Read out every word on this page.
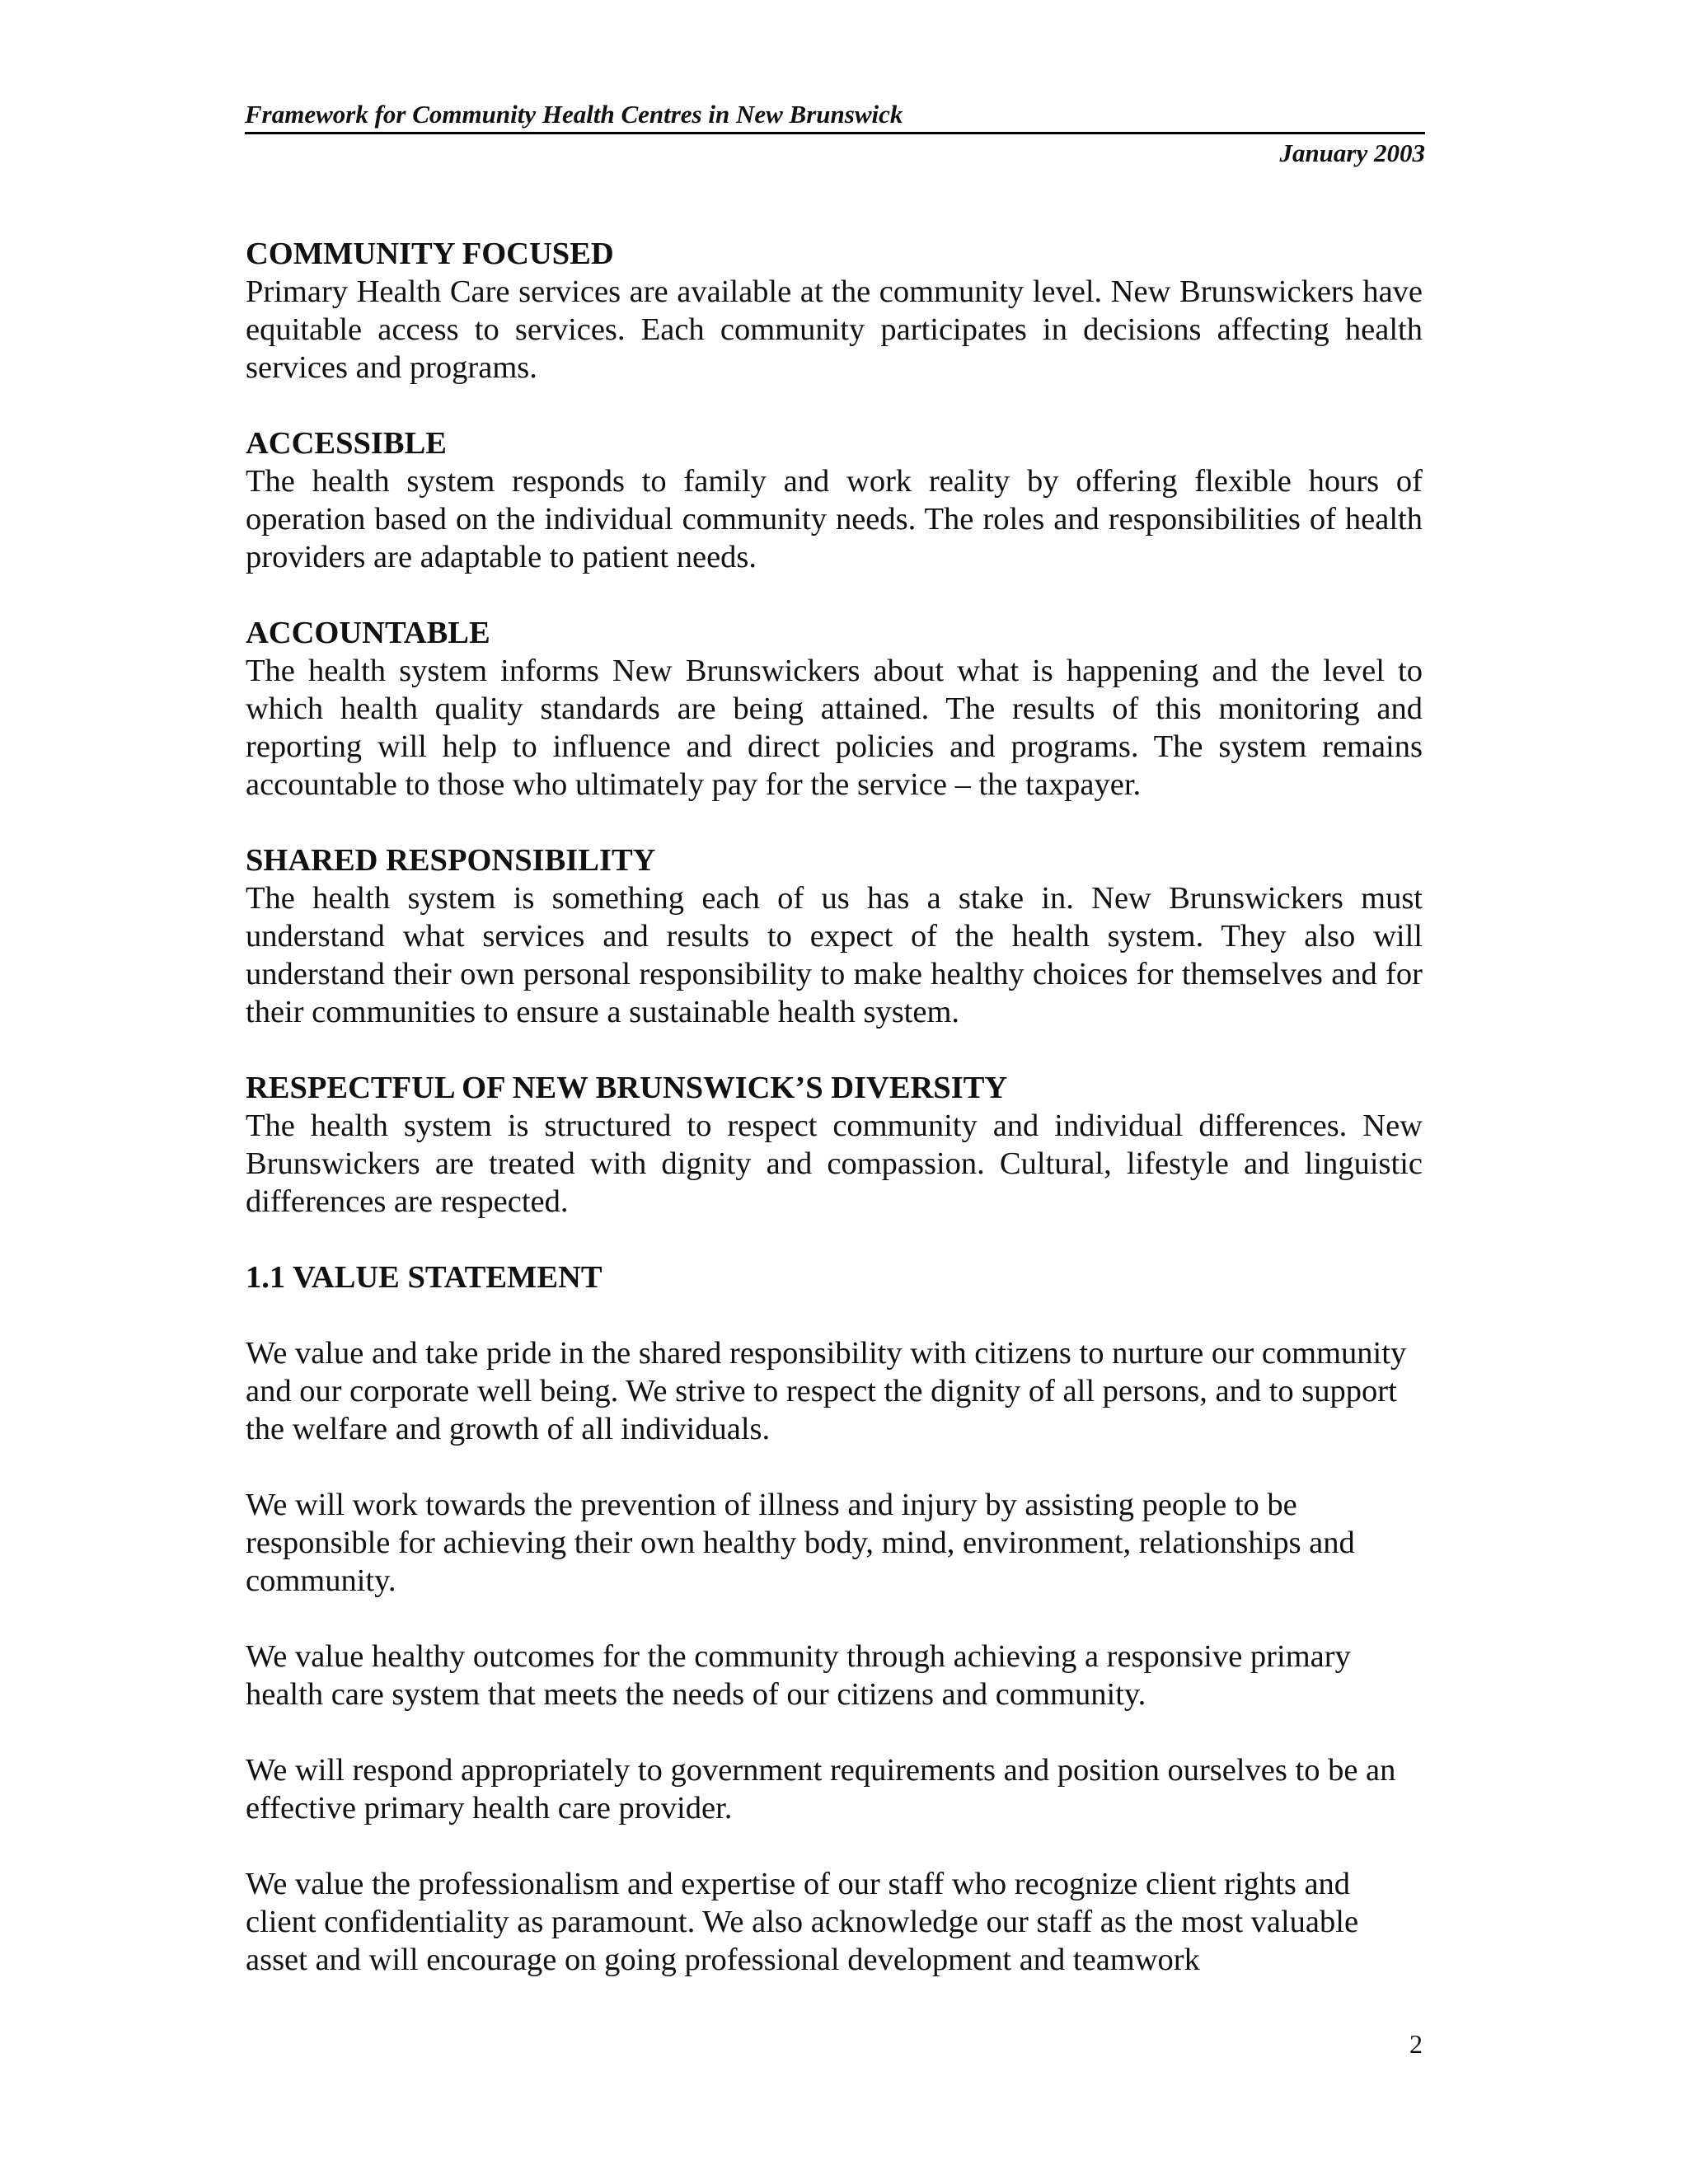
Framework for Community Health Centres in New Brunswick
January 2003
COMMUNITY FOCUSED

Primary Health Care services are available at the community level. New Brunswickers have equitable access to services. Each community participates in decisions affecting health services and programs.

ACCESSIBLE

The health system responds to family and work reality by offering flexible hours of operation based on the individual community needs. The roles and responsibilities of health providers are adaptable to patient needs.

ACCOUNTABLE

The health system informs New Brunswickers about what is happening and the level to which health quality standards are being attained. The results of this monitoring and reporting will help to influence and direct policies and programs. The system remains accountable to those who ultimately pay for the service – the taxpayer.

SHARED RESPONSIBILITY

The health system is something each of us has a stake in. New Brunswickers must understand what services and results to expect of the health system. They also will understand their own personal responsibility to make healthy choices for themselves and for their communities to ensure a sustainable health system.

RESPECTFUL OF NEW BRUNSWICK’S DIVERSITY

The health system is structured to respect community and individual differences. New Brunswickers are treated with dignity and compassion. Cultural, lifestyle and linguistic differences are respected.

1.1 VALUE STATEMENT

We value and take pride in the shared responsibility with citizens to nurture our community and our corporate well being. We strive to respect the dignity of all persons, and to support the welfare and growth of all individuals.

We will work towards the prevention of illness and injury by assisting people to be responsible for achieving their own healthy body, mind, environment, relationships and community.

We value healthy outcomes for the community through achieving a responsive primary health care system that meets the needs of our citizens and community.

We will respond appropriately to government requirements and position ourselves to be an effective primary health care provider.

We value the professionalism and expertise of our staff who recognize client rights and client confidentiality as paramount. We also acknowledge our staff as the most valuable asset and will encourage on going professional development and teamwork

2
